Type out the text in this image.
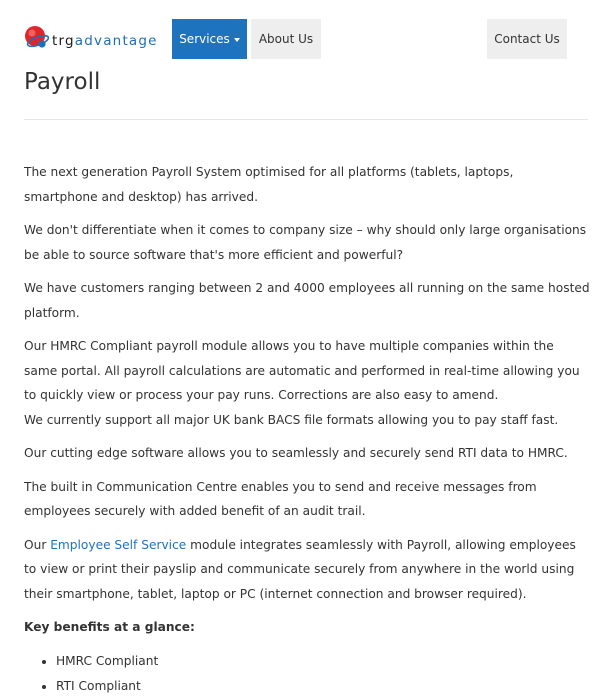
trgadvantage Services About Us	Contact Us
Payroll

The next generation Payroll System optimised for all platforms (tablets, laptops, smartphone and desktop) has arrived.

We don't differentiate when it comes to company size – why should only large organisations be able to source software that's more efficient and powerful?

We have customers ranging between 2 and 4000 employees all running on the same hosted platform.

Our HMRC Compliant payroll module allows you to have multiple companies within the same portal. All payroll calculations are automatic and performed in real-time allowing you to quickly view or process your pay runs. Corrections are also easy to amend.

We currently support all major UK bank BACS file formats allowing you to pay staff fast.

Our cutting edge software allows you to seamlessly and securely send RTI data to HMRC.

The built in Communication Centre enables you to send and receive messages from employees securely with added benefit of an audit trail.

Our Employee Self Service module integrates seamlessly with Payroll, allowing employees to view or print their payslip and communicate securely from anywhere in the world using their smartphone, tablet, laptop or PC (internet connection and browser required).

Key benefits at a glance:

• HMRC Compliant
• RTI Compliant
